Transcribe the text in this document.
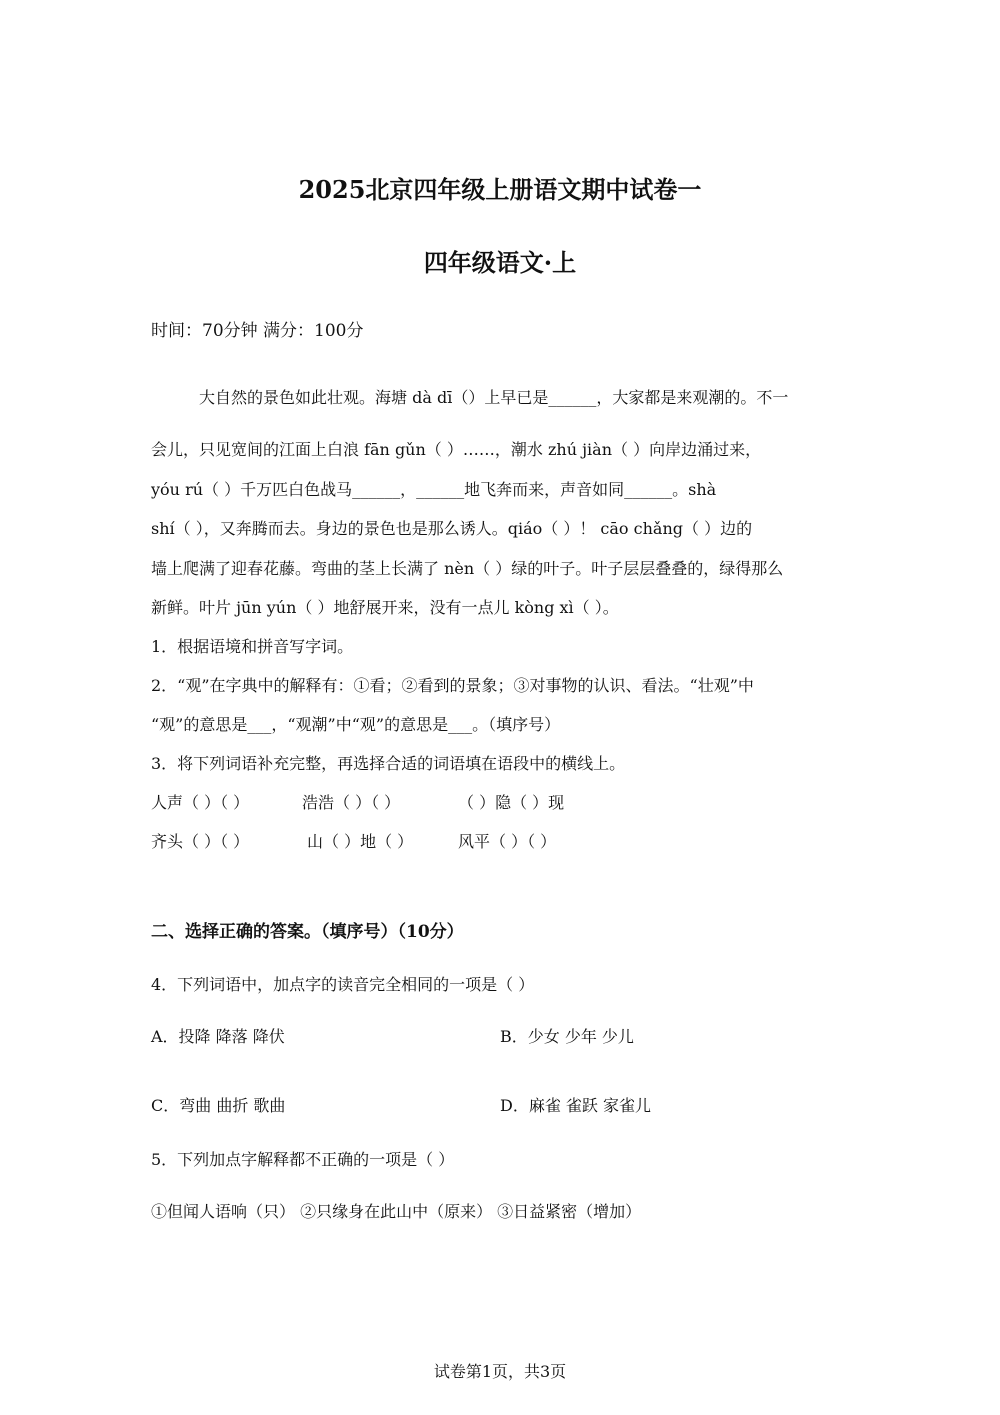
2025北京四年级上册语文期中试卷一
四年级语文·上
时间：70分钟 满分：100分
大自然的景色如此壮观。海塘 dà dī（）上早已是______，大家都是来观潮的。不一
会儿，只见宽间的江面上白浪 fān gǔn（ ）……，潮水 zhú jiàn（ ）向岸边涌过来，
yóu rú（ ）千万匹白色战马______，______地飞奔而来，声音如同______。shà
shí（ ），又奔腾而去。身边的景色也是那么诱人。qiáo（ ）！ cāo chǎng（ ）边的
墙上爬满了迎春花藤。弯曲的茎上长满了 nèn（ ）绿的叶子。叶子层层叠叠的，绿得那么
新鲜。叶片 jūn yún（ ）地舒展开来，没有一点儿 kòng xì（ ）。
1．根据语境和拼音写字词。
2．“观”在字典中的解释有：①看；②看到的景象；③对事物的认识、看法。“壮观”中
“观”的意思是___，“观潮”中“观”的意思是___。（填序号）
3．将下列词语补充完整，再选择合适的词语填在语段中的横线上。
人声（ ）（ ）	浩浩（ ）（ ）	（ ）隐（ ）现
齐头（ ）（ ）	山（ ）地（ ）	风平（ ）（ ）
二、选择正确的答案。（填序号）（10分）
4．下列词语中，加点字的读音完全相同的一项是（ ）
A．投降 降落 降伏	B．少女 少年 少儿
C．弯曲 曲折 歌曲	D．麻雀 雀跃 家雀儿
5．下列加点字解释都不正确的一项是（ ）
①但闻人语响（只） ②只缘身在此山中（原来） ③日益紧密（增加）
试卷第1页，共3页
